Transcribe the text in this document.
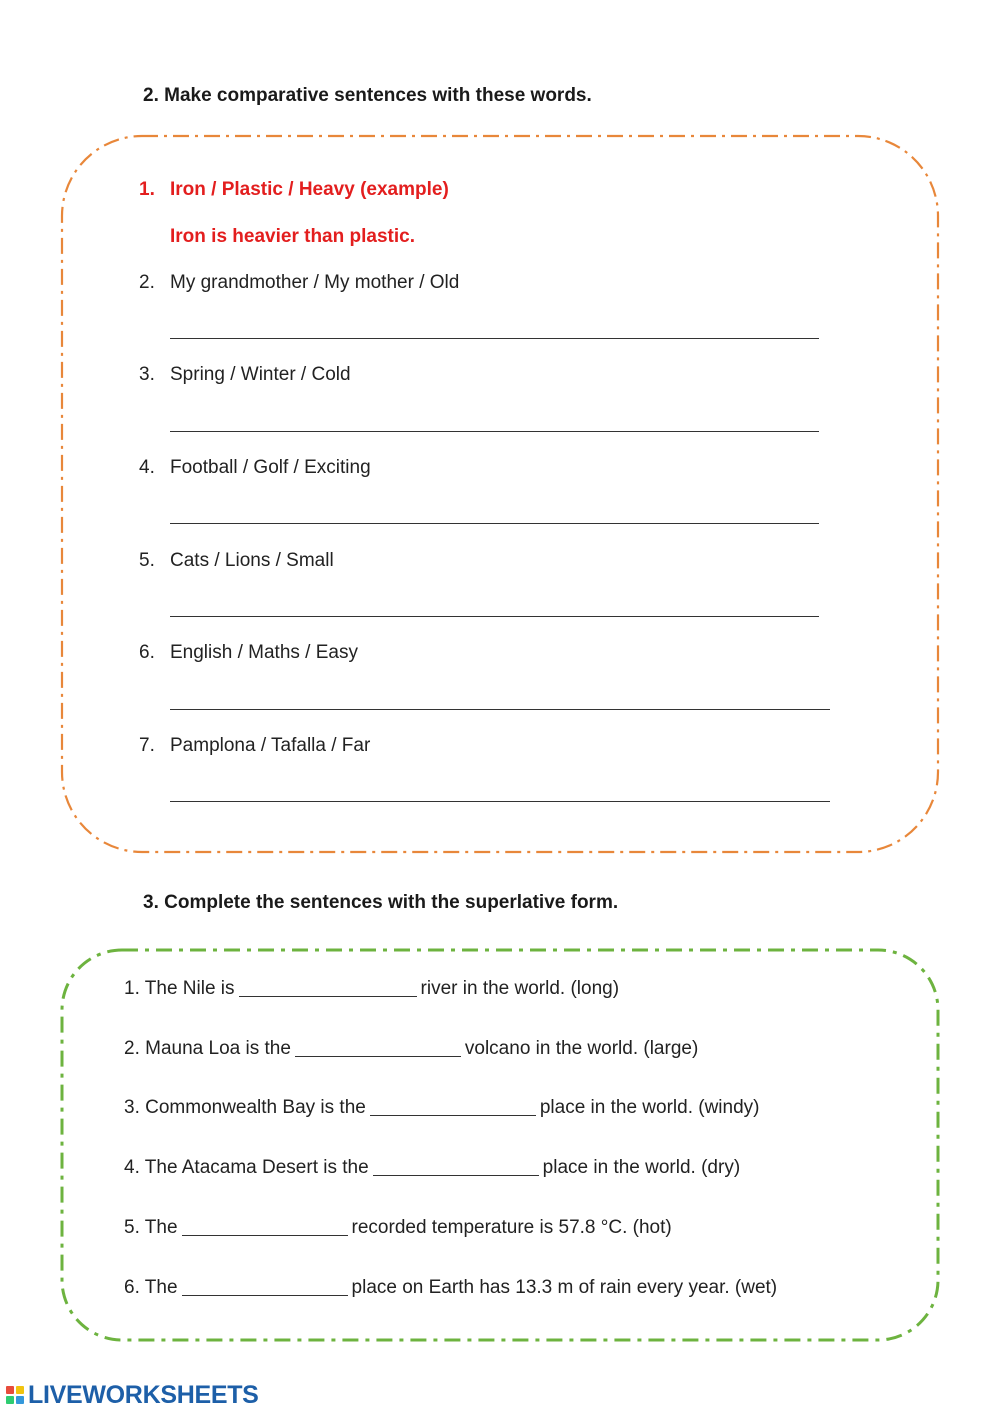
2. Make comparative sentences with these words.
1. Iron / Plastic / Heavy (example)
Iron is heavier than plastic.
2. My grandmother / My mother / Old
3. Spring / Winter / Cold
4. Football / Golf / Exciting
5. Cats / Lions / Small
6. English / Maths / Easy
7. Pamplona / Tafalla / Far
3. Complete the sentences with the superlative form.
1. The Nile is	river in the world. (long)
2. Mauna Loa is the	volcano in the world. (large)
3. Commonwealth Bay is the	place in the world. (windy)
4. The Atacama Desert is the	place in the world. (dry)
5. The	recorded temperature is 57.8 °C. (hot)
6. The	place on Earth has 13.3 m of rain every year. (wet)
LIVEWORKSHEETS
